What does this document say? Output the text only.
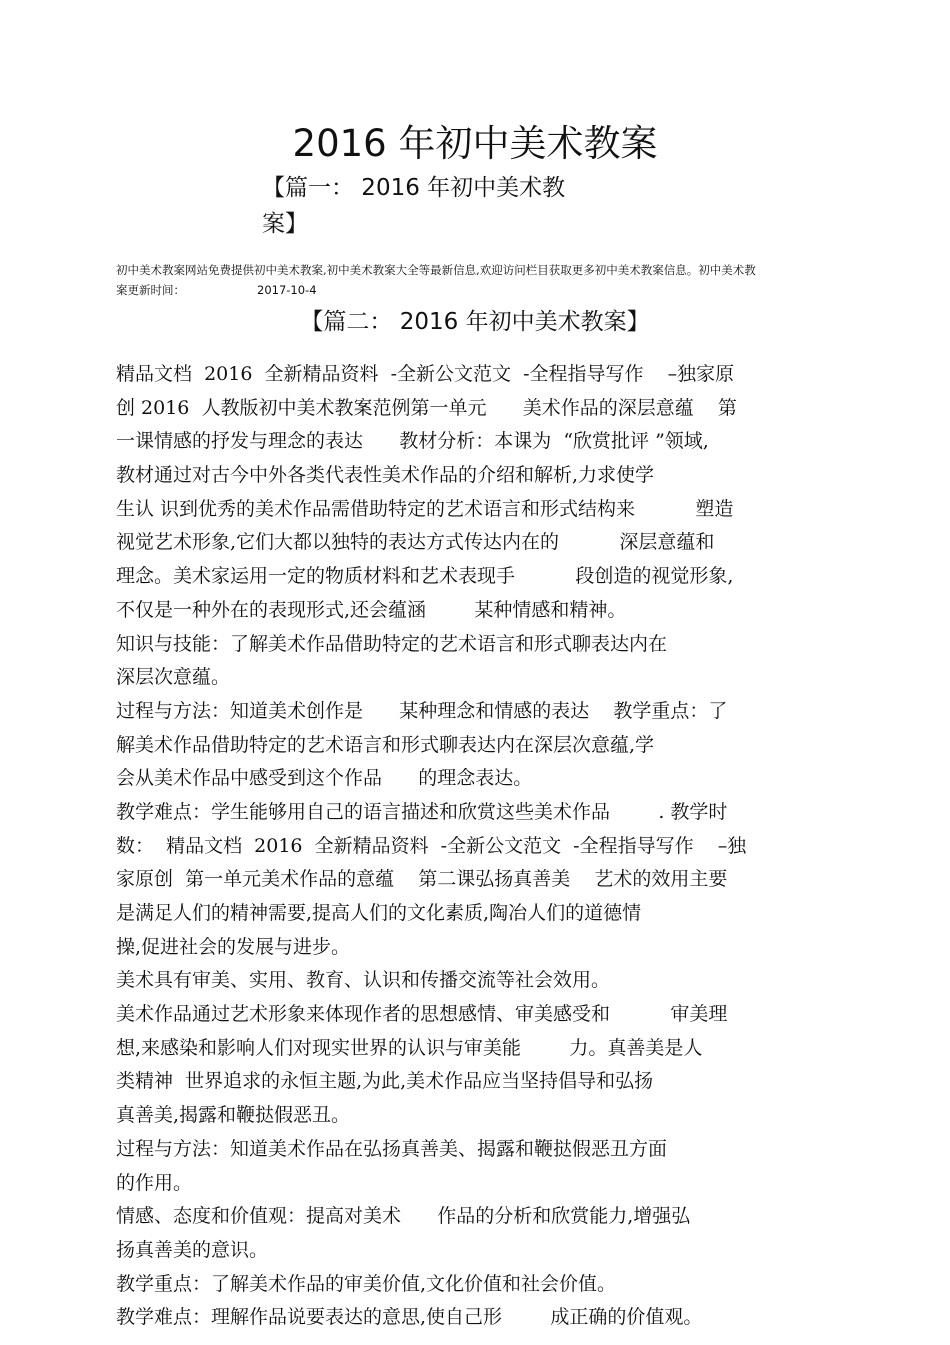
2016 年初中美术教案
【篇一： 2016 年初中美术教
案】

初中美术教案网站免费提供初中美术教案,初中美术教案大全等最新信息,欢迎访问栏目获取更多初中美术教案信息。初中美术教案更新时间：	2017-10-4

【篇二： 2016 年初中美术教案】
精品文档  2016  全新精品资料  -全新公文范文  -全程指导写作    –独家原
创 2016  人教版初中美术教案范例第一单元      美术作品的深层意蕴    第
一课情感的抒发与理念的表达      教材分析：本课为  “欣赏批评 ”领域,
教材通过对古今中外各类代表性美术作品的介绍和解析,力求使学
生认 识到优秀的美术作品需借助特定的艺术语言和形式结构来          塑造
视觉艺术形象,它们大都以独特的表达方式传达内在的          深层意蕴和
理念。美术家运用一定的物质材料和艺术表现手          段创造的视觉形象,
不仅是一种外在的表现形式,还会蕴涵        某种情感和精神。
知识与技能：了解美术作品借助特定的艺术语言和形式聊表达内在
深层次意蕴。
过程与方法：知道美术创作是      某种理念和情感的表达    教学重点：了
解美术作品借助特定的艺术语言和形式聊表达内在深层次意蕴,学
会从美术作品中感受到这个作品      的理念表达。
教学难点：学生能够用自己的语言描述和欣赏这些美术作品        . 教学时
数：  精品文档  2016  全新精品资料  -全新公文范文  -全程指导写作    –独
家原创  第一单元美术作品的意蕴    第二课弘扬真善美    艺术的效用主要
是满足人们的精神需要,提高人们的文化素质,陶冶人们的道德情
操,促进社会的发展与进步。
美术具有审美、实用、教育、认识和传播交流等社会效用。
美术作品通过艺术形象来体现作者的思想感情、审美感受和          审美理
想,来感染和影响人们对现实世界的认识与审美能        力。真善美是人
类精神  世界追求的永恒主题,为此,美术作品应当坚持倡导和弘扬
真善美,揭露和鞭挞假恶丑。
过程与方法：知道美术作品在弘扬真善美、揭露和鞭挞假恶丑方面
的作用。
情感、态度和价值观：提高对美术      作品的分析和欣赏能力,增强弘
扬真善美的意识。
教学重点：了解美术作品的审美价值,文化价值和社会价值。
教学难点：理解作品说要表达的意思,使自己形        成正确的价值观。
